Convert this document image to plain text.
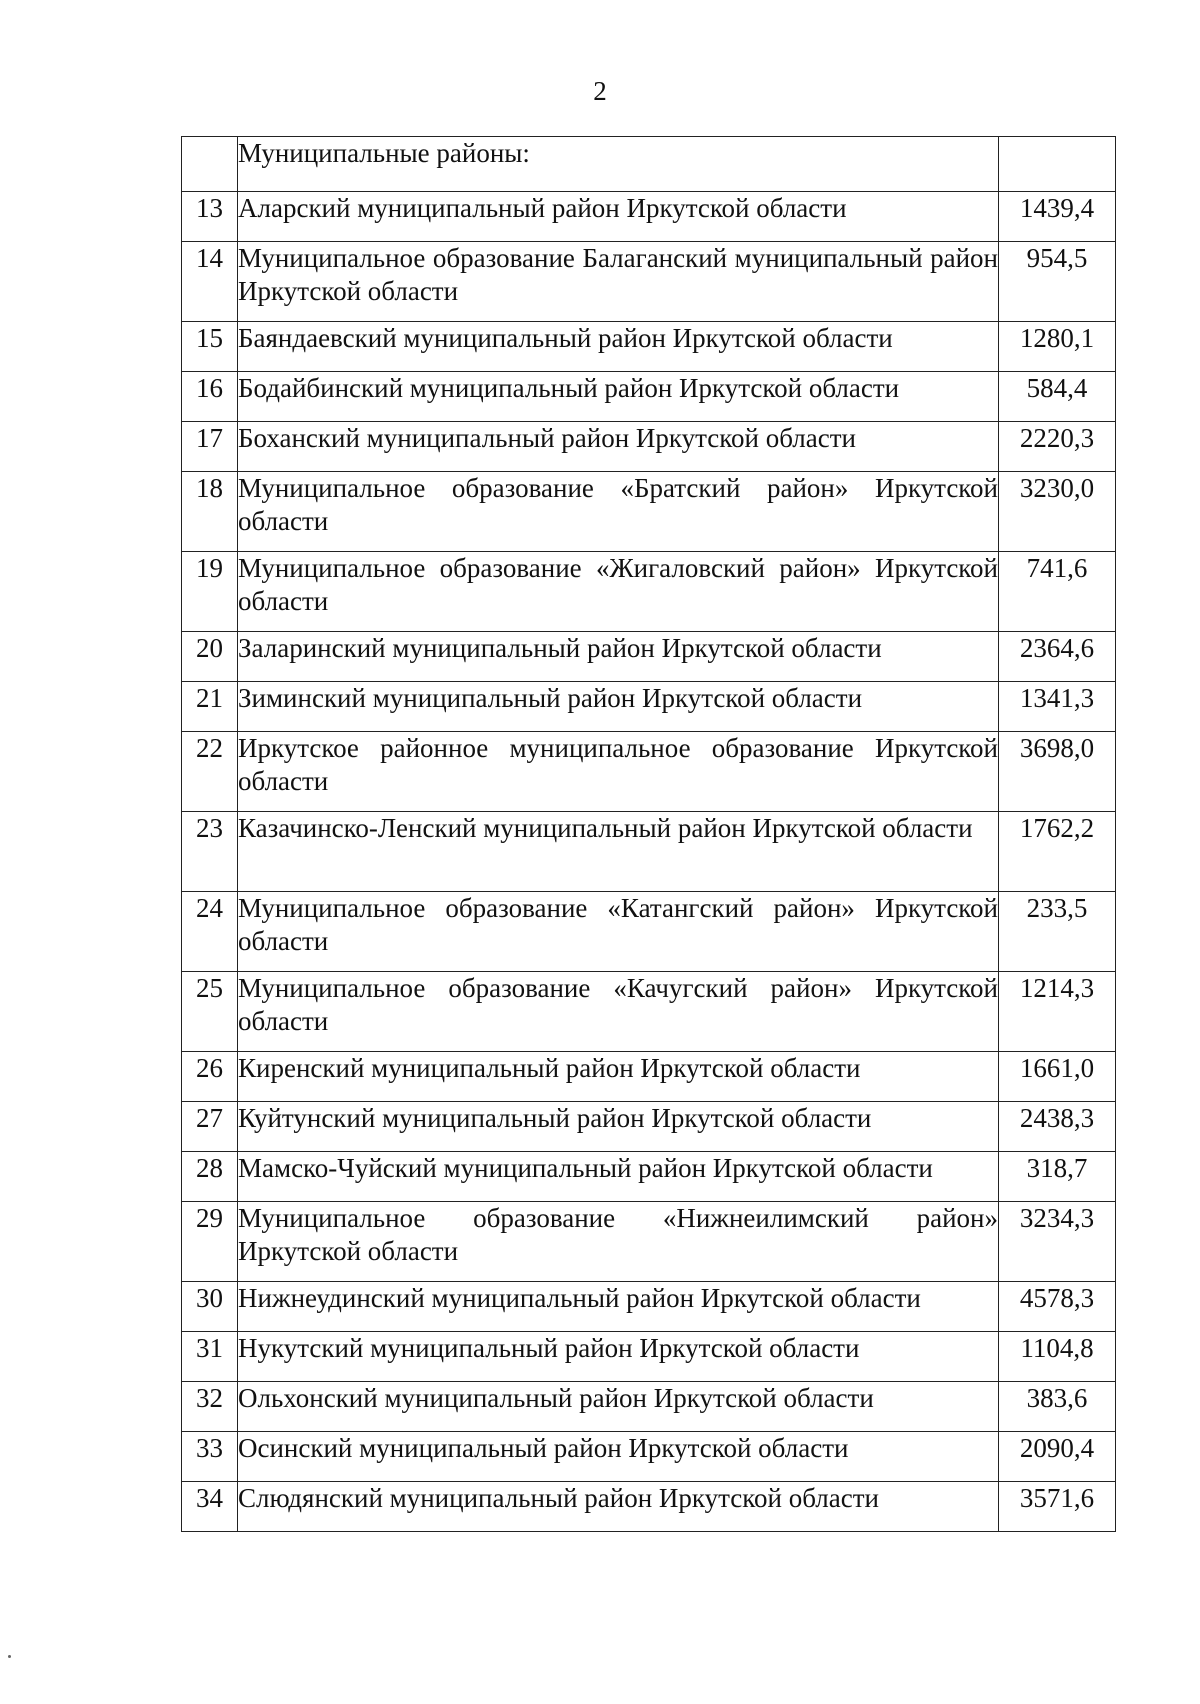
2
	Муниципальные районы:	
13	Аларский муниципальный район Иркутской области	1439,4
14	Муниципальное образование Балаганский муниципальный район Иркутской области	954,5
15	Баяндаевский муниципальный район Иркутской области	1280,1
16	Бодайбинский муниципальный район Иркутской области	584,4
17	Боханский муниципальный район Иркутской области	2220,3
18	Муниципальное образование «Братский район» Иркутской области	3230,0
19	Муниципальное образование «Жигаловский район» Иркутской области	741,6
20	Заларинский муниципальный район Иркутской области	2364,6
21	Зиминский муниципальный район Иркутской области	1341,3
22	Иркутское районное муниципальное образование Иркутской области	3698,0
23	Казачинско-Ленский муниципальный район Иркутской области	1762,2
24	Муниципальное образование «Катангский район» Иркутской области	233,5
25	Муниципальное образование «Качугский район» Иркутской области	1214,3
26	Киренский муниципальный район Иркутской области	1661,0
27	Куйтунский муниципальный район Иркутской области	2438,3
28	Мамско-Чуйский муниципальный район Иркутской области	318,7
29	Муниципальное образование «Нижнеилимский район» Иркутской области	3234,3
30	Нижнеудинский муниципальный район Иркутской области	4578,3
31	Нукутский муниципальный район Иркутской области	1104,8
32	Ольхонский муниципальный район Иркутской области	383,6
33	Осинский муниципальный район Иркутской области	2090,4
34	Слюдянский муниципальный район Иркутской области	3571,6
